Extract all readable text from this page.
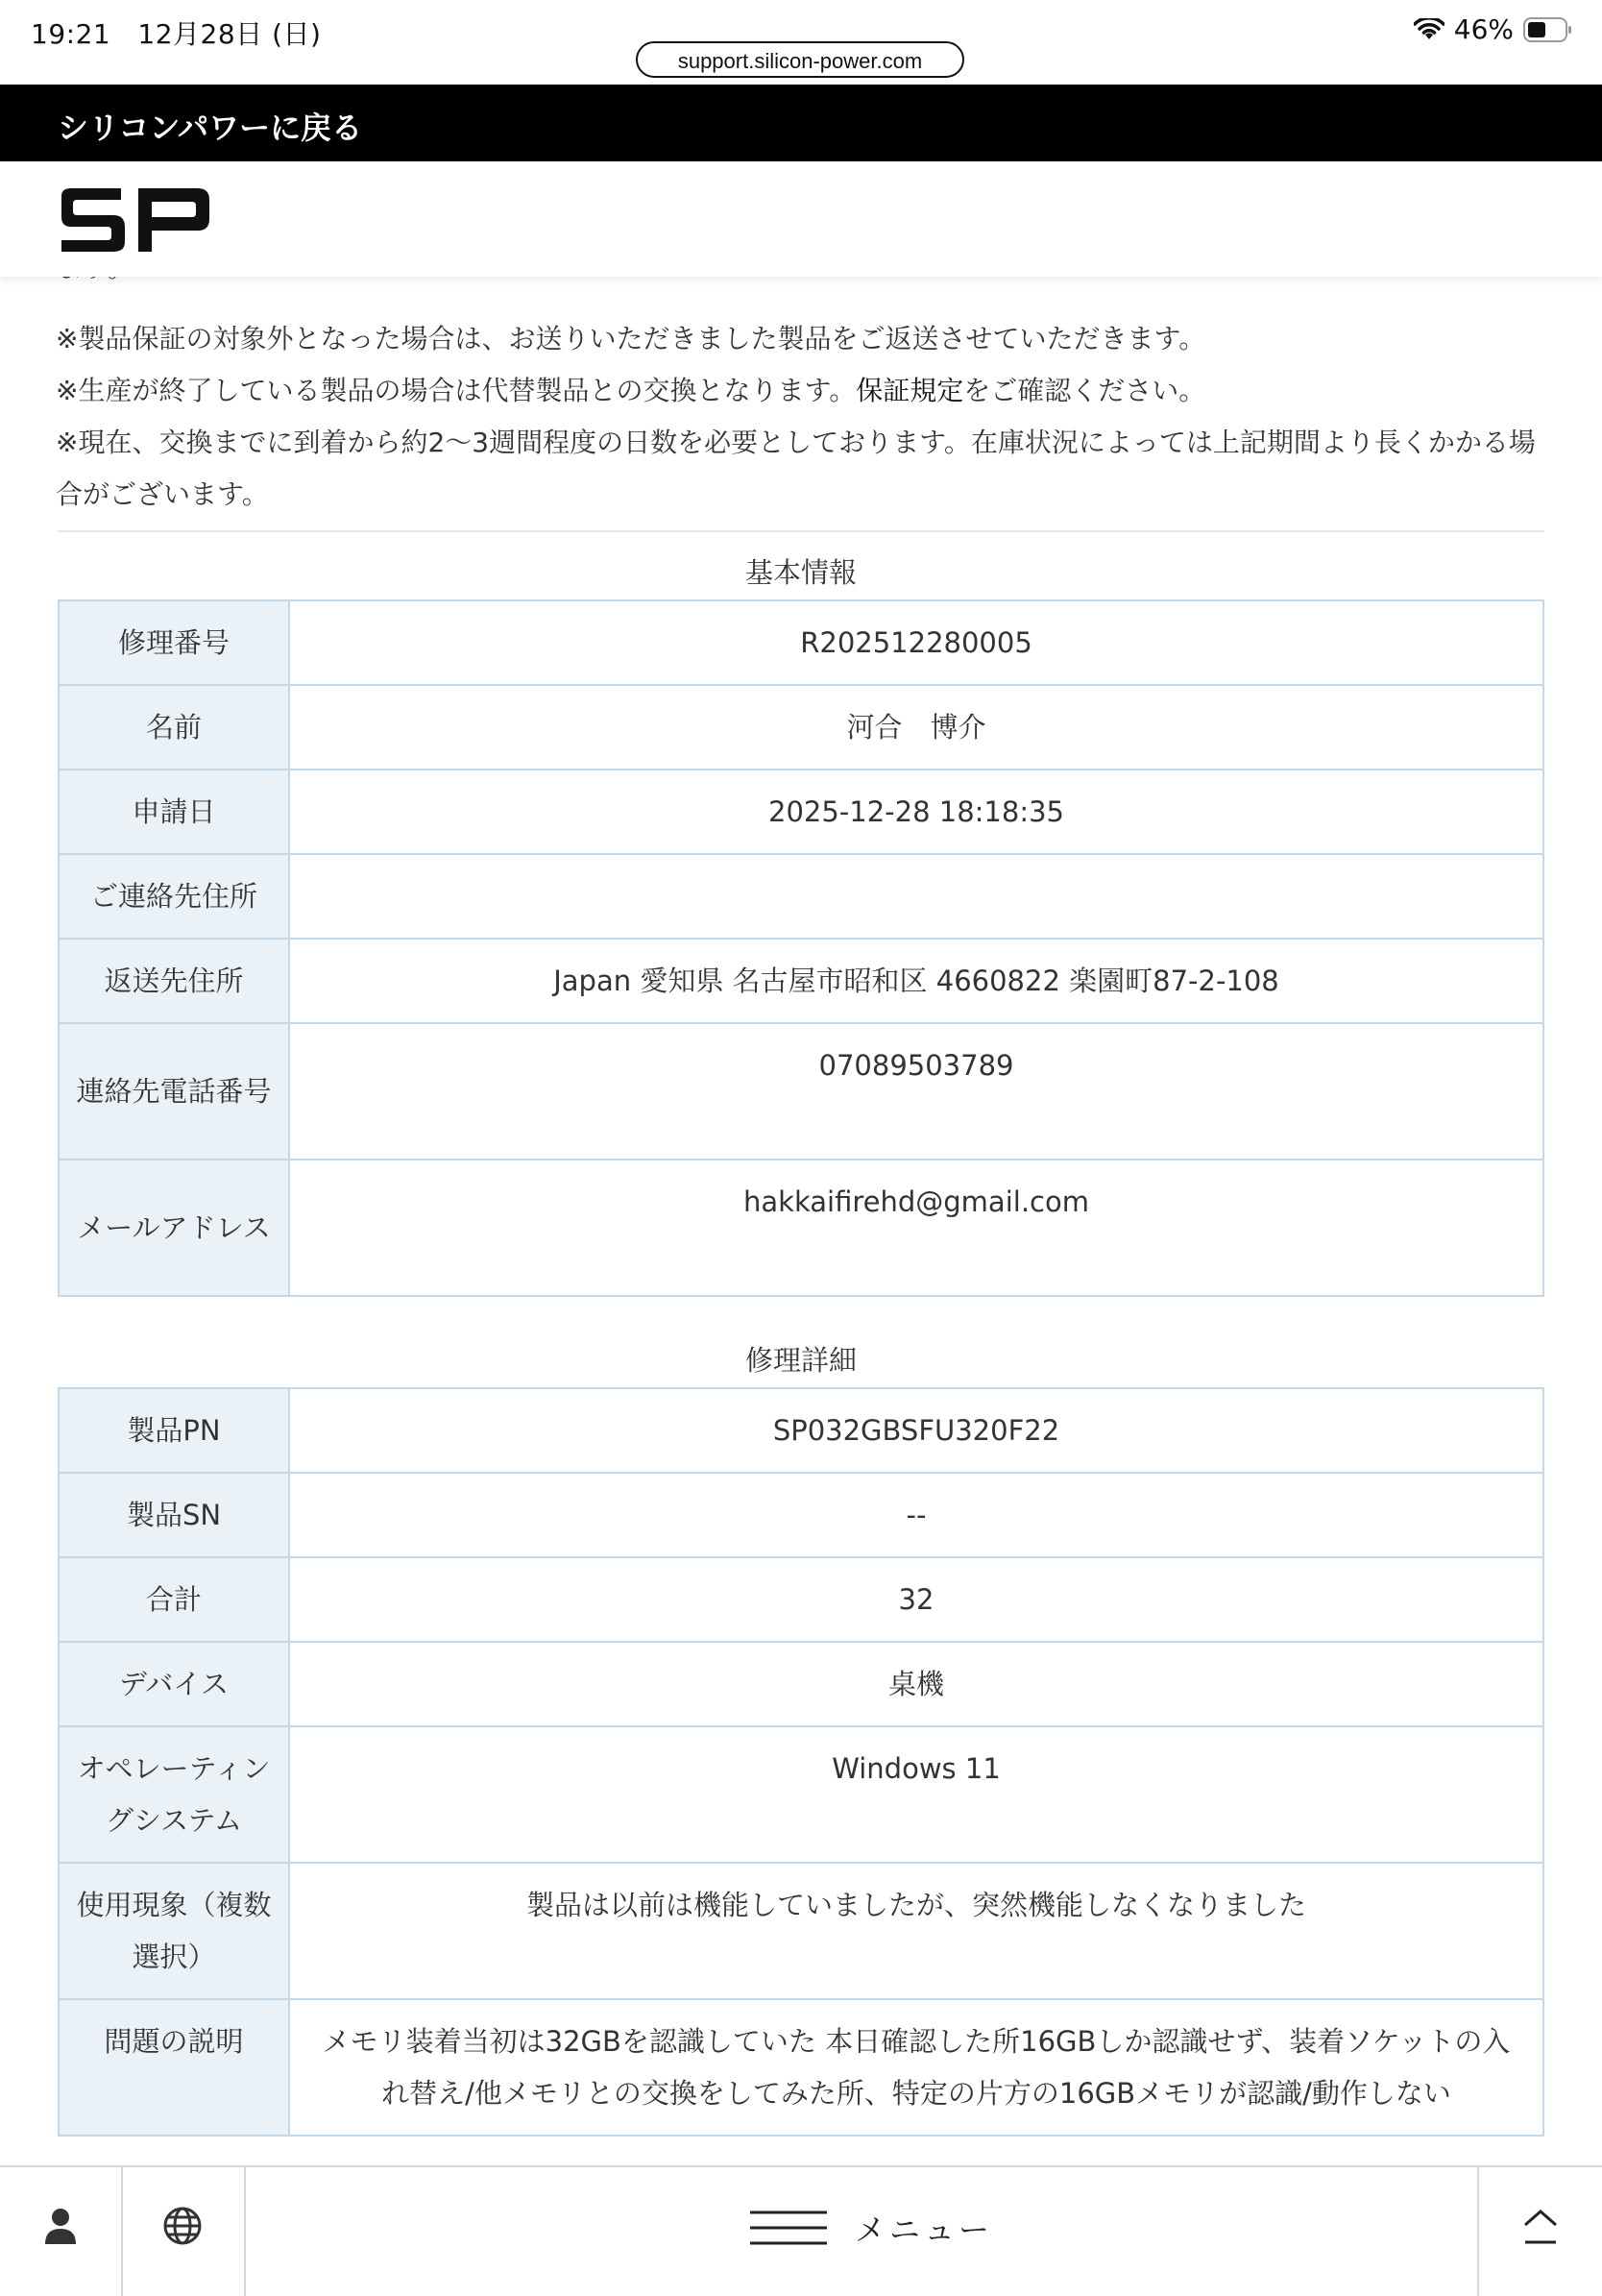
19:21 12月28日 (日)	46%
support.silicon-power.com
シリコンパワーに戻る

※製品保証の対象外となった場合は、お送りいただきました製品をご返送させていただきます。

※生産が終了している製品の場合は代替製品との交換となります。保証規定をご確認ください。

※現在、交換までに到着から約2〜3週間程度の日数を必要としております。在庫状況によっては上記期間より長くかかる場合がございます。

基本情報
修理番号	R202512280005
名前	河合　博介
申請日	2025-12-28 18:18:35
ご連絡先住所	
返送先住所	Japan 愛知県 名古屋市昭和区 4660822 楽園町87-2-108
連絡先電話番号	07089503789
メールアドレス	hakkaifirehd@gmail.com
修理詳細
製品PN	SP032GBSFU320F22
製品SN	--
合計	32
デバイス	桌機
オペレーティングシステム	Windows 11
使用現象（複数選択）	製品は以前は機能していましたが、突然機能しなくなりました
問題の説明	メモリ装着当初は32GBを認識していた 本日確認した所16GBしか認識せず、装着ソケットの入れ替え/他メモリとの交換をしてみた所、特定の片方の16GBメモリが認識/動作しない
メニュー
